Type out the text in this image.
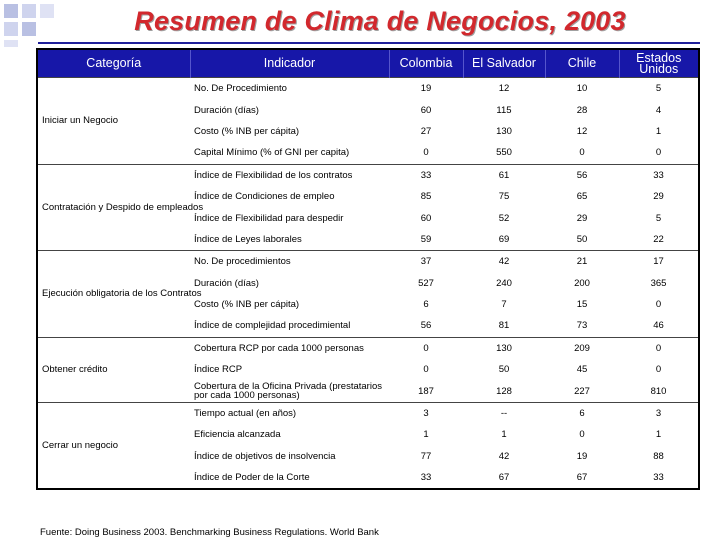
Resumen de Clima de Negocios, 2003
Categoría	Indicador	Colombia	El Salvador	Chile	Estados Unidos
Iniciar un Negocio	No. De Procedimiento	19	12	10	5
	Duración (días)	60	115	28	4
	Costo (% INB per cápita)	27	130	12	1
	Capital Mínimo (% of GNI per capita)	0	550	0	0
Contratación y Despido de empleados	Índice de Flexibilidad de los contratos	33	61	56	33
	Índice de Condiciones de empleo	85	75	65	29
	Índice de Flexibilidad para despedir	60	52	29	5
	Índice de Leyes laborales	59	69	50	22
Ejecución obligatoria de los Contratos	No. De procedimientos	37	42	21	17
	Duración (días)	527	240	200	365
	Costo (% INB per cápita)	6	7	15	0
	Índice de complejidad procedimiental	56	81	73	46
Obtener crédito	Cobertura RCP por cada 1000 personas	0	130	209	0
	Índice RCP	0	50	45	0
	Cobertura de la Oficina Privada (prestatarios por cada 1000 personas)	187	128	227	810
Cerrar un negocio	Tiempo actual (en años)	3	--	6	3
	Eficiencia alcanzada	1	1	0	1
	Índice de objetivos de insolvencia	77	42	19	88
	Índice de Poder de la Corte	33	67	67	33
Fuente: Doing Business 2003. Benchmarking Business Regulations. World Bank
